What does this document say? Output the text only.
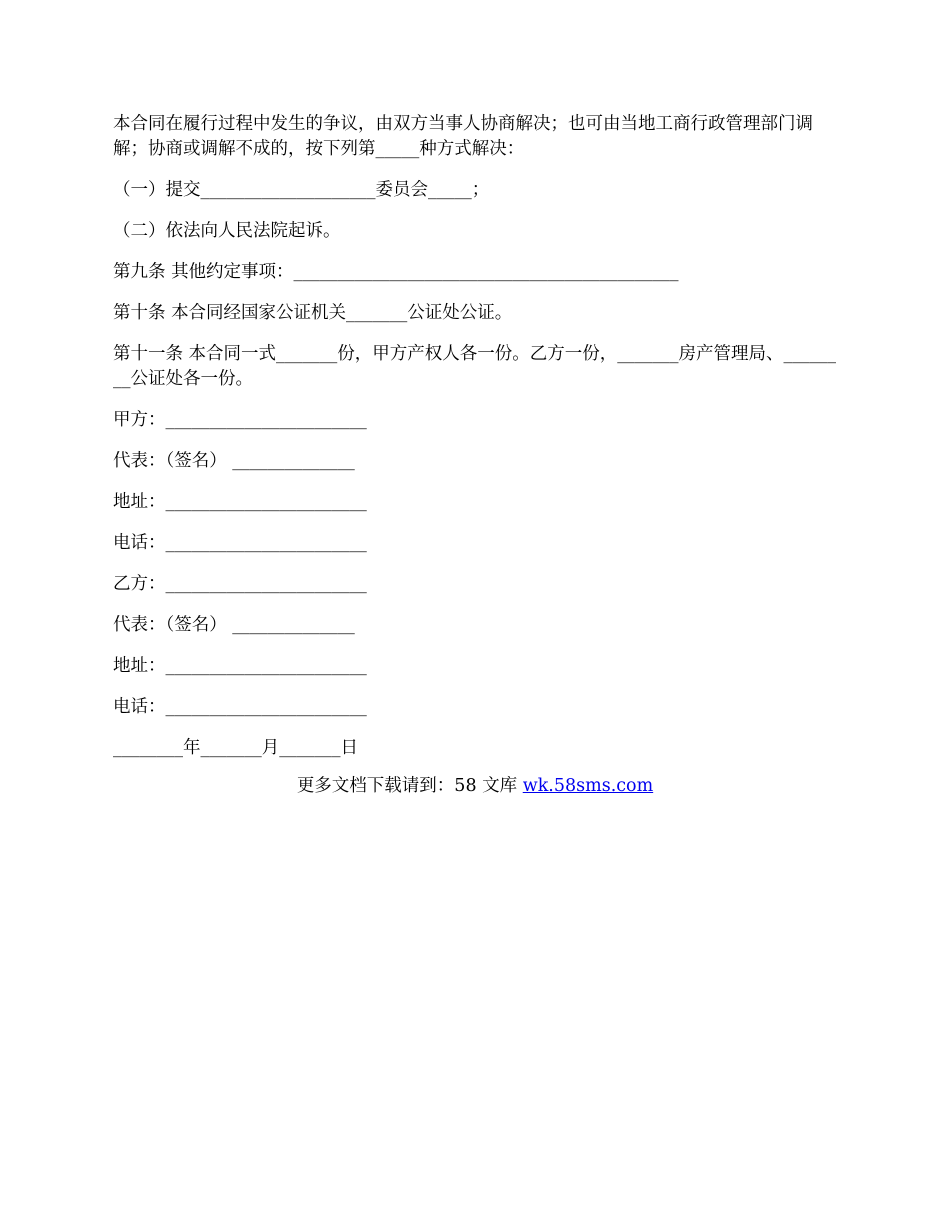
本合同在履行过程中发生的争议，由双方当事人协商解决；也可由当地工商行政管理部门调解；协商或调解不成的，按下列第_____种方式解决：

（一）提交____________________委员会_____；

（二）依法向人民法院起诉。

第九条 其他约定事项：____________________________________________

第十条 本合同经国家公证机关_______公证处公证。

第十一条 本合同一式_______份，甲方产权人各一份。乙方一份，_______房产管理局、________公证处各一份。

甲方：_______________________

代表：（签名） ______________

地址：_______________________

电话：_______________________

乙方：_______________________

代表：（签名） ______________

地址：_______________________

电话：_______________________

________年_______月_______日

更多文档下载请到：58 文库 wk.58sms.com
